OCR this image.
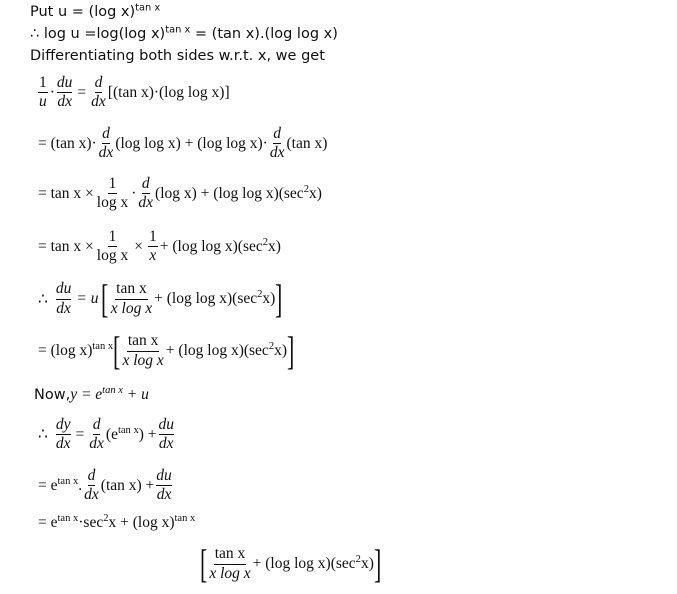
Put u = (log x)$^{tan x}$
∴ log u =log(log x)$^{tan x}$ = (tan x).(log log x)
Differentiating both sides w.r.t. x, we get
$\frac{1}{u} \cdot \frac{du}{dx} = \frac{d}{dx} [(\tan$ x)·(log log x)]
= (tan $x)\cdot \frac{d}{dx} (\log$ log x) + (log $\log x)\cdot \frac{d}{dx} (\tan$ x)
= $\tan x \times \frac{1}{\text{log x}} \cdot \frac{d}{dx} (\log$ x) + (log $\log x)(\sec^2x)$
= $\tan x \times \frac{1}{\text{log x}} \times \frac{1}{x} + (\log$ $\log x)(\sec^2x)$
∴ $\frac{du}{dx} = u$ [ $\frac{\text{tan x}}{\text{x log x}} + (\log$ $\log x)(\sec^2x)$ ]
= (log x)$^{tan x}$ [ $\frac{\text{tan x}}{\text{x log x}} + (\log$ $\log x)(\sec^2x)$ ]
Now, $y = e^{tan x} + u$
∴ $\frac{dy}{dx} = \frac{d}{dx} (e^{tan x}) + \frac{du}{dx}$
= $e^{tan x}$. $\frac{d}{dx} (\tan$ $x) + \frac{du}{dx}$
= $e^{tan x}\cdot\sec^2x + (\log$ x)$^{tan x}$
[ $\frac{\text{tan x}}{\text{x log x}} + (\log$ $\log x)(\sec^2x)$ ]
